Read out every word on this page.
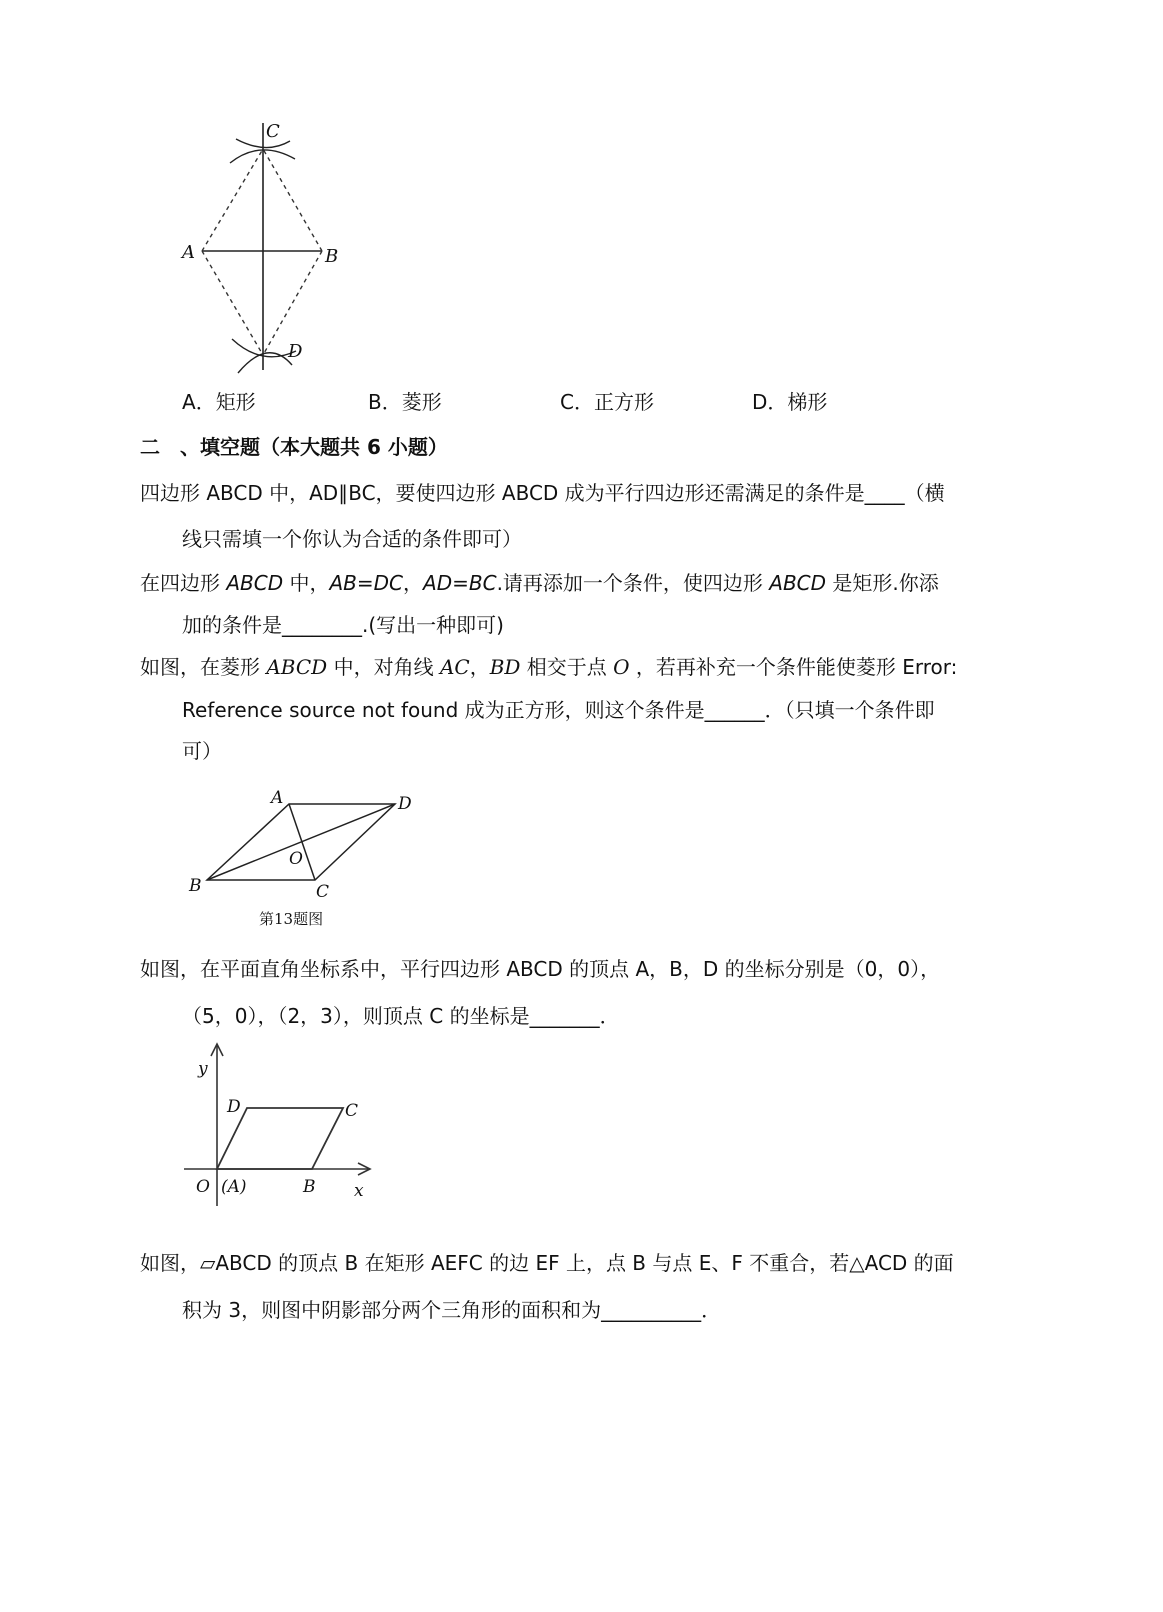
C
A	B
D
A．矩形	B．菱形	C．正方形	D．梯形
二　、填空题（本大题共 6 小题）
四边形 ABCD 中，AD∥BC，要使四边形 ABCD 成为平行四边形还需满足的条件是____（横
线只需填一个你认为合适的条件即可）
在四边形 ABCD 中，AB=DC，AD=BC.请再添加一个条件，使四边形 ABCD 是矩形.你添
加的条件是________.(写出一种即可)
如图，在菱形 ABCD 中，对角线 AC，BD 相交于点 O ，若再补充一个条件能使菱形 Error:
Reference source not found 成为正方形，则这个条件是______．（只填一个条件即
可）
A	D
O
B	C
第13题图
如图，在平面直角坐标系中，平行四边形 ABCD 的顶点 A，B，D 的坐标分别是（0，0），
（5，0），（2，3），则顶点 C 的坐标是_______．
y
D	C
O (A)	B x
如图，▱ABCD 的顶点 B 在矩形 AEFC 的边 EF 上，点 B 与点 E、F 不重合，若△ACD 的面
积为 3，则图中阴影部分两个三角形的面积和为__________．
